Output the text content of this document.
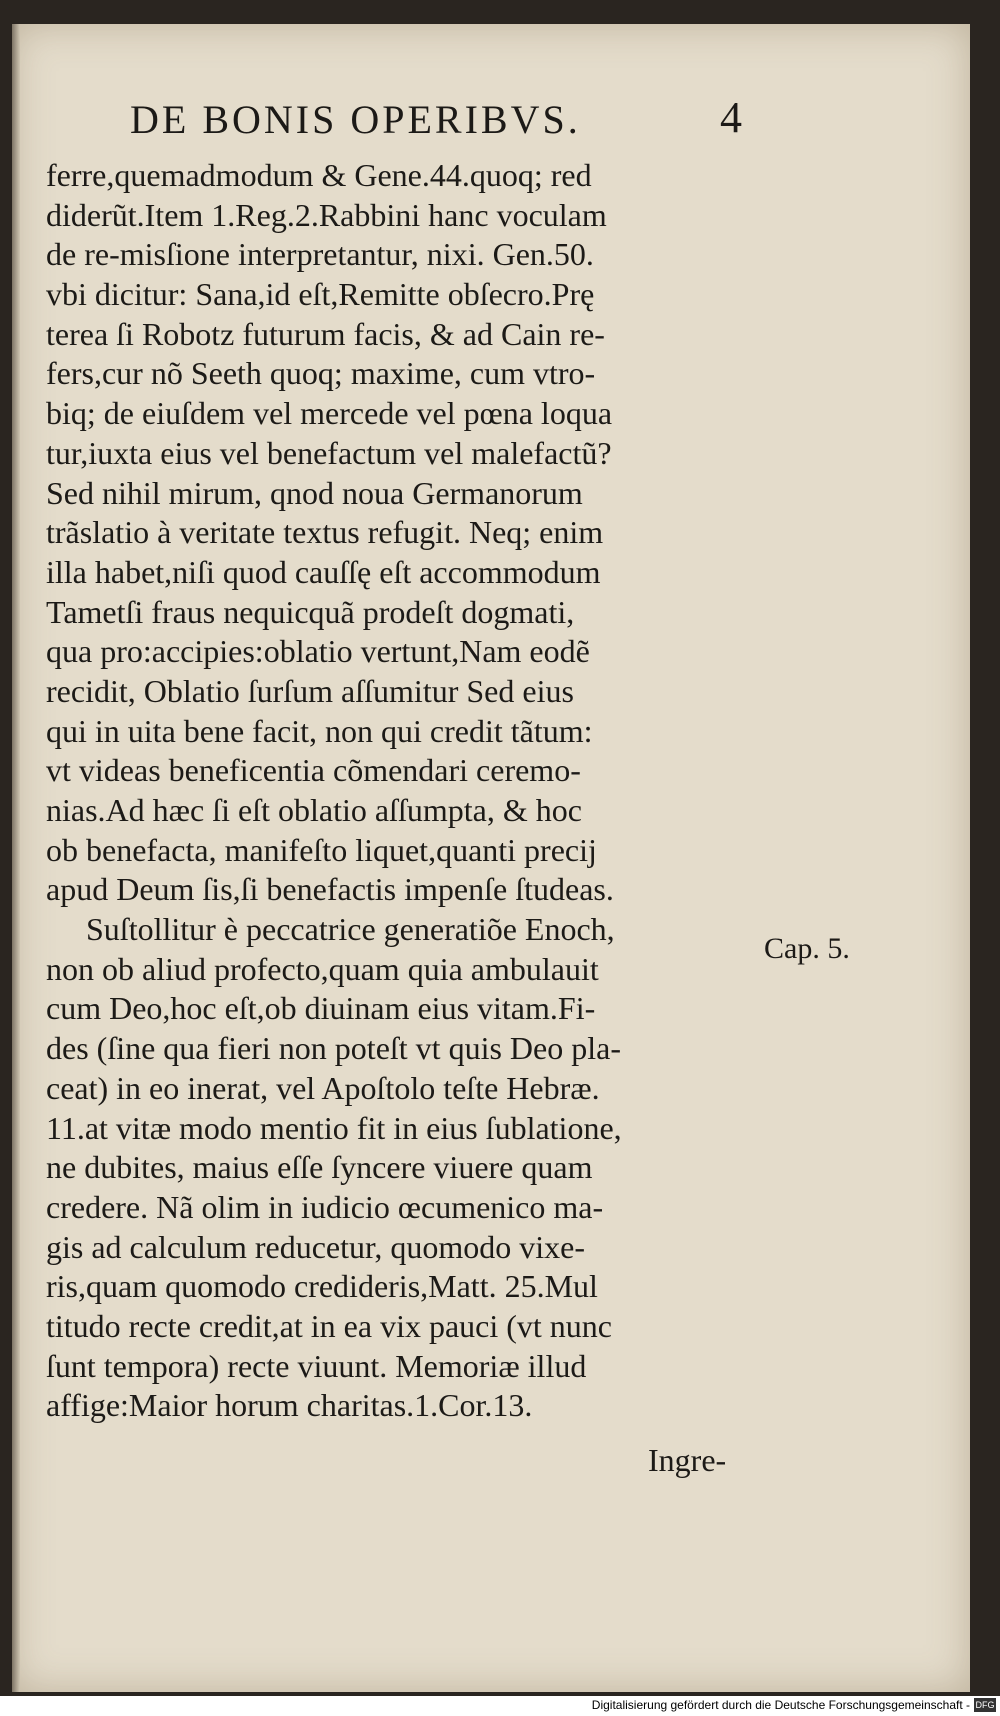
DE BONIS OPERIBVS.	4
ferre,quemadmodum & Gene.44.quoq; red
diderũt.Item 1.Reg.2.Rabbini hanc voculam
de re-misſione interpretantur, nixi. Gen.50.
vbi dicitur: Sana,id eſt,Remitte obſecro.Prę
terea ſi Robotz futurum facis, & ad Cain re-
fers,cur nõ Seeth quoq; maxime, cum vtro-
biq; de eiuſdem vel mercede vel pœna loqua
tur,iuxta eius vel benefactum vel malefactũ?
Sed nihil mirum, qnod noua Germanorum
trãslatio à veritate textus refugit. Neq; enim
illa habet,niſi quod cauſſę eſt accommodum
Tametſi fraus nequicquã prodeſt dogmati,
qua pro:accipies:oblatio vertunt,Nam eodẽ
recidit, Oblatio ſurſum aſſumitur Sed eius
qui in uita bene facit, non qui credit tãtum:
vt videas beneficentia cõmendari ceremo-
nias.Ad hæc ſi eſt oblatio aſſumpta, & hoc
ob benefacta, manifeſto liquet,quanti precij
apud Deum ſis,ſi benefactis impenſe ſtudeas.
Suſtollitur è peccatrice generatiõe Enoch,
non ob aliud profecto,quam quia ambulauit
cum Deo,hoc eſt,ob diuinam eius vitam.Fi-
des (ſine qua fieri non poteſt vt quis Deo pla-
ceat) in eo inerat, vel Apoſtolo teſte Hebræ.
11.at vitæ modo mentio fit in eius ſublatione,
ne dubites, maius eſſe ſyncere viuere quam
credere. Nã olim in iudicio œcumenico ma-
gis ad calculum reducetur, quomodo vixe-
ris,quam quomodo credideris,Matt. 25.Mul
titudo recte credit,at in ea vix pauci (vt nunc
ſunt tempora) recte viuunt. Memoriæ illud
affige:Maior horum charitas.1.Cor.13.
Cap. 5.
Ingre-
Digitalisierung gefördert durch die Deutsche Forschungsgemeinschaft - DFG
